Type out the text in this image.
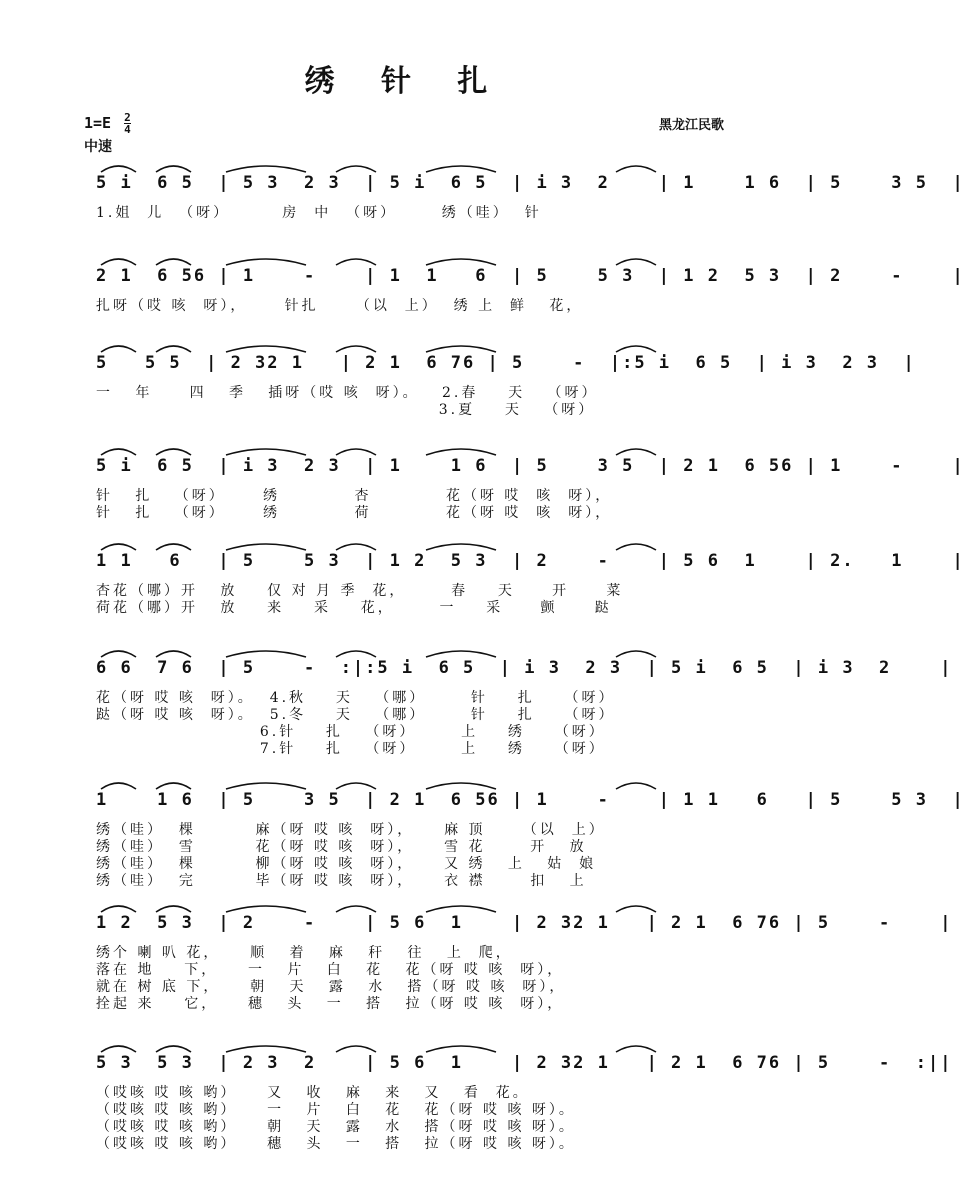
绣 针 扎
$1=E \frac{2}{4}$	黑龙江民歌
中速
5 i  6 5  | 5 3  2 3  | 5 i  6 5  | i 3  2    | 1    1 6  | 5    3 5  |
1.姐  儿  （呀）       房  中  （呀）      绣（哇）  针
2 1  6 56 | 1    -    | 1  1   6  | 5    5 3  | 1 2  5 3  | 2    -    |
扎呀（哎 咳  呀），     针扎     （以  上）  绣 上  鲜   花，
5   5 5  | 2 32 1   | 2 1  6 76 | 5    -  |:5 i  6 5  | i 3  2 3  |
一   年     四   季   插呀（哎 咳  呀）。   2.春    天   （呀）
3.夏    天   （呀）
5 i  6 5  | i 3  2 3  | 1    1 6  | 5    3 5  | 2 1  6 56 | 1    -    |
针   扎   （呀）     绣          杏          花（呀 哎  咳  呀），
针   扎   （呀）     绣          荷          花（呀 哎  咳  呀），
1 1   6   | 5    5 3  | 1 2  5 3  | 2    -    | 5 6  1    | 2.   1    |
杏花（哪）开   放    仅 对 月 季  花，      春    天     开     菜
荷花（哪）开   放    来    采    花，      一    采     颤     跶
6 6  7 6  | 5    -  :|:5 i  6 5  | i 3  2 3  | 5 i  6 5  | i 3  2    |
花（呀 哎 咳  呀）。  4.秋    天   （哪）      针    扎    （呀）
跶（呀 哎 咳  呀）。  5.冬    天   （哪）      针    扎    （呀）
6.针    扎   （呀）      上    绣    （呀）
7.针    扎   （呀）      上    绣    （呀）
1    1 6  | 5    3 5  | 2 1  6 56 | 1    -    | 1 1   6   | 5    5 3  |
绣（哇）  棵        麻（呀 哎 咳  呀），    麻 顶     （以  上）
绣（哇）  雪        花（呀 哎 咳  呀），    雪 花      开   放
绣（哇）  棵        柳（呀 哎 咳  呀），    又 绣   上   姑  娘
绣（哇）  完        毕（呀 哎 咳  呀），    衣 襟      扣   上
1 2  5 3  | 2    -    | 5 6  1    | 2 32 1   | 2 1  6 76 | 5    -    |
绣个 喇 叭 花，    顺   着   麻   秆   往   上  爬，
落在 地    下，    一   片   白   花   花（呀 哎 咳  呀），
就在 树 底 下，    朝   天   露   水   搭（呀 哎 咳  呀），
拴起 来    它，    穗   头   一   搭   拉（呀 哎 咳  呀），
5 3  5 3  | 2 3  2    | 5 6  1    | 2 32 1   | 2 1  6 76 | 5    -  :||
（哎咳 哎 咳 哟）    又   收   麻   来   又   看  花。
（哎咳 哎 咳 哟）    一   片   白   花   花（呀 哎 咳 呀）。
（哎咳 哎 咳 哟）    朝   天   露   水   搭（呀 哎 咳 呀）。
（哎咳 哎 咳 哟）    穗   头   一   搭   拉（呀 哎 咳 呀）。
